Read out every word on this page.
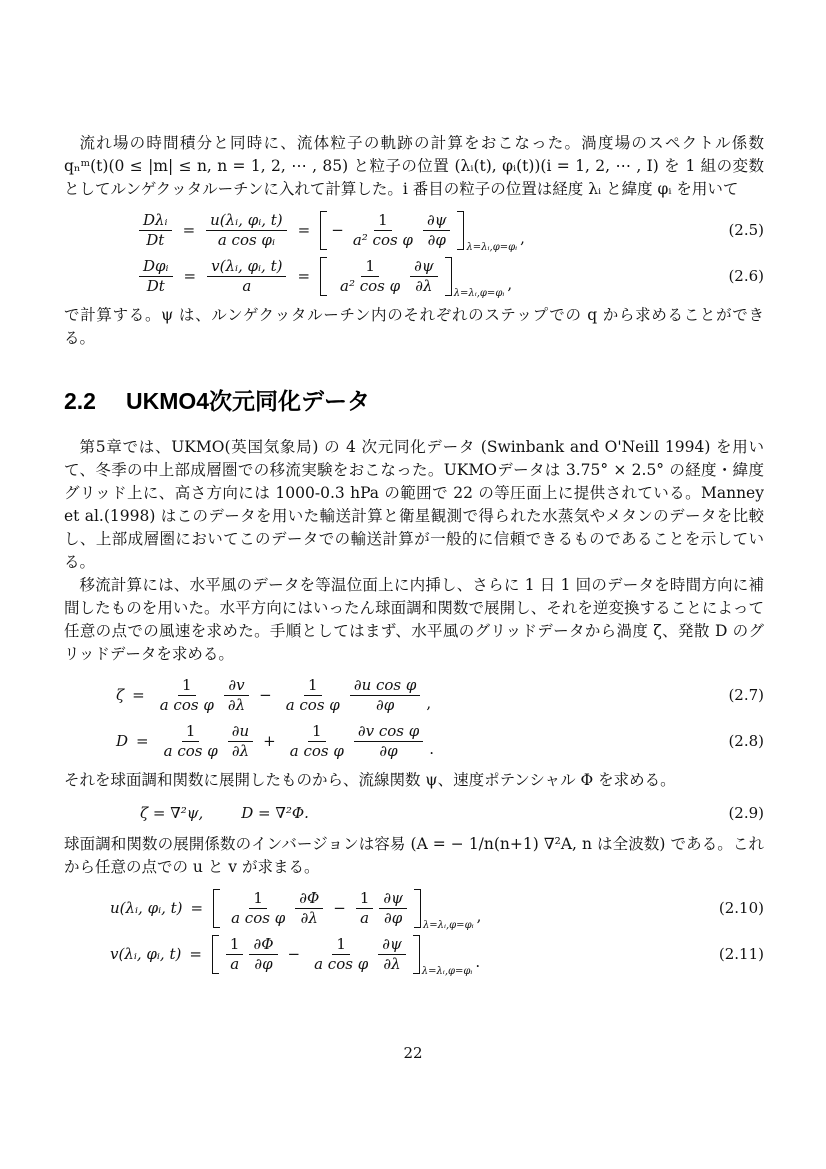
流れ場の時間積分と同時に、流体粒子の軌跡の計算をおこなった。渦度場のスペクトル係数 qₙᵐ(t)(0 ≤ |m| ≤ n, n = 1, 2, ⋯ , 85) と粒子の位置 (λᵢ(t), φᵢ(t))(i = 1, 2, ⋯ , I) を 1 組の変数としてルンゲクッタルーチンに入れて計算した。i 番目の粒子の位置は経度 λᵢ と緯度 φᵢ を用いて

$\frac{\text{Dλᵢ}}{Dt} = \frac{\text{u(λᵢ, φᵢ, t)}}{\text{a cos φᵢ}}$ = − $\frac{1}{\text{a² cos φ}} \frac{\partial\psi}{\partial\varphi}$ λ=λᵢ,φ=φᵢ
,	(2.5)
$\frac{\text{Dφᵢ}}{Dt} = \frac{\text{v(λᵢ, φᵢ, t)}}{a} = \frac{1}{\text{a² cos φ}} \frac{\partial\psi}{\partial\lambda}$ λ=λᵢ,φ=φᵢ
,	(2.6)

で計算する。ψ は、ルンゲクッタルーチン内のそれぞれのステップでの q から求めることができる。

2.2 UKMO4次元同化データ

第5章では、UKMO(英国気象局) の 4 次元同化データ (Swinbank and O'Neill 1994) を用いて、冬季の中上部成層圏での移流実験をおこなった。UKMOデータは 3.75° × 2.5° の経度・緯度グリッド上に、高さ方向には 1000-0.3 hPa の範囲で 22 の等圧面上に提供されている。Manney et al.(1998) はこのデータを用いた輸送計算と衛星観測で得られた水蒸気やメタンのデータを比較し、上部成層圏においてこのデータでの輸送計算が一般的に信頼できるものであることを示している。

移流計算には、水平風のデータを等温位面上に内挿し、さらに 1 日 1 回のデータを時間方向に補間したものを用いた。水平方向にはいったん球面調和関数で展開し、それを逆変換することによって任意の点での風速を求めた。手順としてはまず、水平風のグリッドデータから渦度 ζ、発散 D のグリッドデータを求める。

$\zeta = \frac{1}{\text{a cos φ}} \frac{\partial v}{\partial\lambda} - \frac{1}{\text{a cos φ}} \frac{\text{∂u cos φ}}{\partial\varphi}$ ,	(2.7)
$D = \frac{1}{\text{a cos φ}} \frac{\partial u}{\partial\lambda} + \frac{1}{\text{a cos φ}} \frac{\text{∂v cos φ}}{\partial\varphi}$ .	(2.8)

それを球面調和関数に展開したものから、流線関数 ψ、速度ポテンシャル Φ を求める。

ζ = ∇²ψ,	D = ∇²Φ.	(2.9)

球面調和関数の展開係数のインバージョンは容易 (A = − 1/n(n+1) ∇²A, n は全波数) である。これから任意の点での u と v が求まる。

u(λᵢ, φᵢ, $t) = \frac{1}{\text{a cos φ}} \frac{\partial\Phi}{\partial\lambda} - \frac{1}{a} \frac{\partial\psi}{\partial\varphi}$ λ=λᵢ,φ=φᵢ
,	(2.10)
v(λᵢ, φᵢ, $t) = \frac{1}{a} \frac{\partial\Phi}{\partial\varphi} - \frac{1}{\text{a cos φ}} \frac{\partial\psi}{\partial\lambda}$ λ=λᵢ,φ=φᵢ
.	(2.11)
22
